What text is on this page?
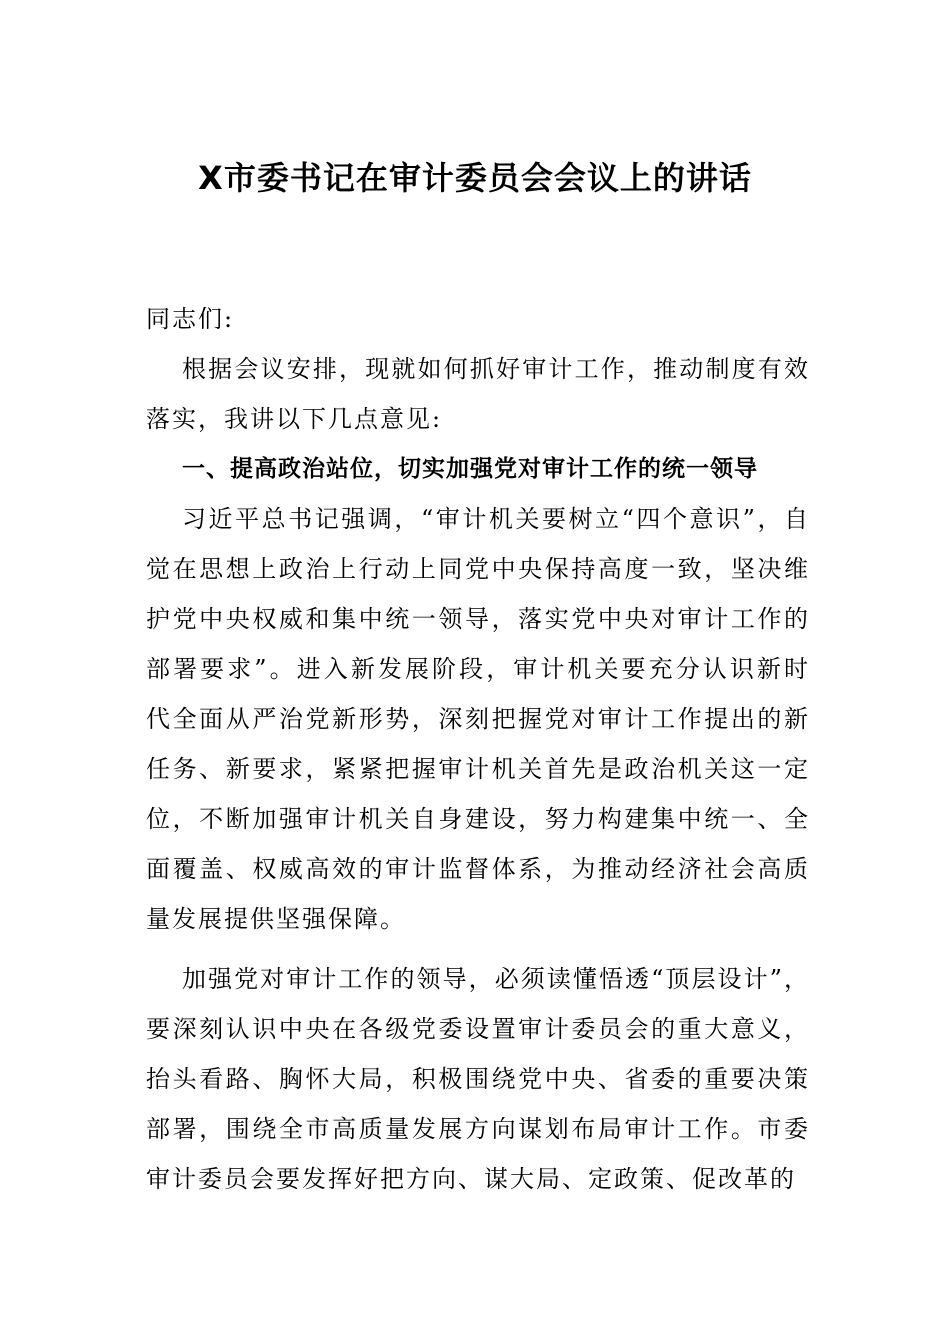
X市委书记在审计委员会会议上的讲话

同志们:

根据会议安排，现就如何抓好审计工作，推动制度有效落实，我讲以下几点意见:

一、提高政治站位，切实加强党对审计工作的统一领导

习近平总书记强调，“审计机关要树立“四个意识”，自觉在思想上政治上行动上同党中央保持高度一致，坚决维护党中央权威和集中统一领导，落实党中央对审计工作的部署要求”。进入新发展阶段，审计机关要充分认识新时代全面从严治党新形势，深刻把握党对审计工作提出的新任务、新要求，紧紧把握审计机关首先是政治机关这一定位，不断加强审计机关自身建设，努力构建集中统一、全面覆盖、权威高效的审计监督体系，为推动经济社会高质量发展提供坚强保障。

加强党对审计工作的领导，必须读懂悟透“顶层设计”，要深刻认识中央在各级党委设置审计委员会的重大意义，抬头看路、胸怀大局，积极围绕党中央、省委的重要决策部署，围绕全市高质量发展方向谋划布局审计工作。市委审计委员会要发挥好把方向、谋大局、定政策、促改革的
